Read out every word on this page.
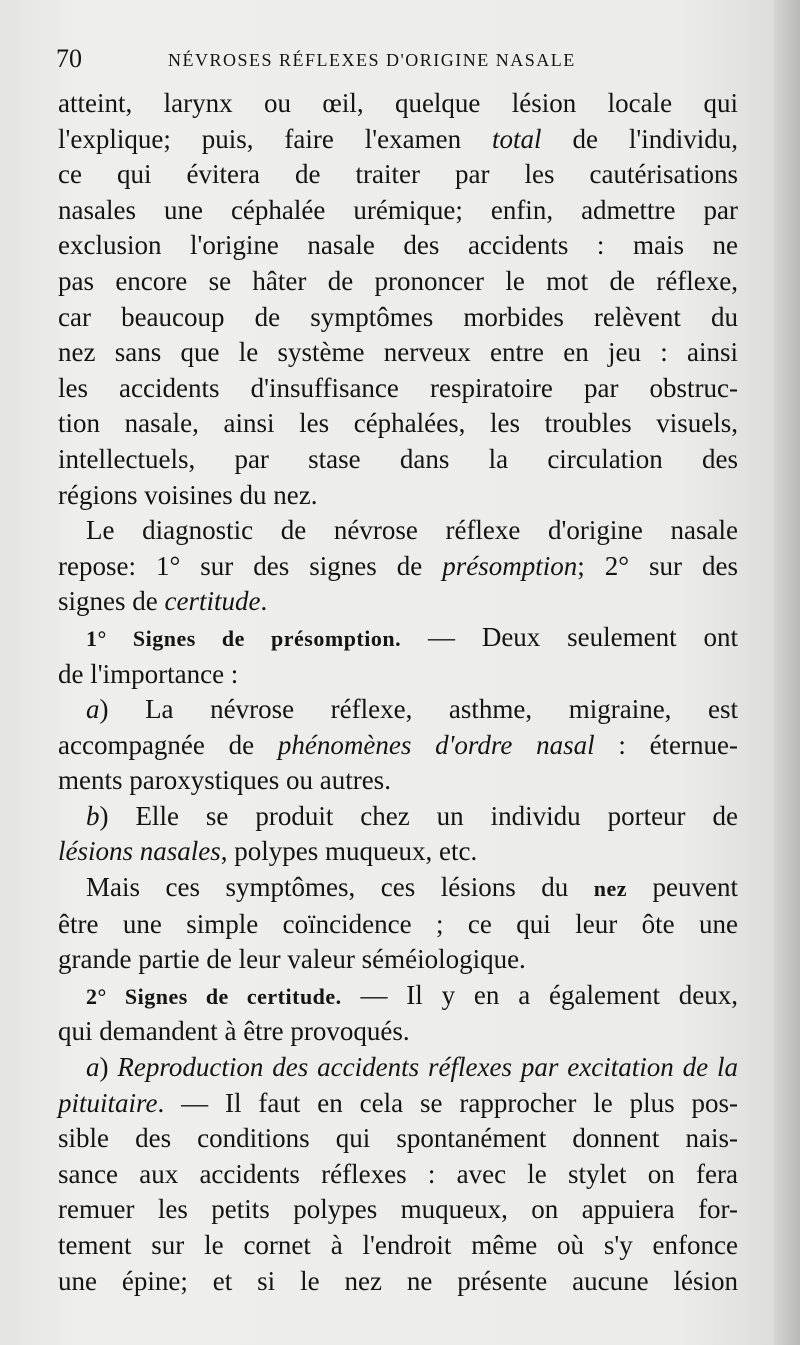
70	NÉVROSES RÉFLEXES D'ORIGINE NASALE
atteint, larynx ou œil, quelque lésion locale qui
l'explique; puis, faire l'examen total de l'individu,
ce qui évitera de traiter par les cautérisations
nasales une céphalée urémique; enfin, admettre par
exclusion l'origine nasale des accidents : mais ne
pas encore se hâter de prononcer le mot de réflexe,
car beaucoup de symptômes morbides relèvent du
nez sans que le système nerveux entre en jeu : ainsi
les accidents d'insuffisance respiratoire par obstruc-
tion nasale, ainsi les céphalées, les troubles visuels,
intellectuels, par stase dans la circulation des
régions voisines du nez.
Le diagnostic de névrose réflexe d'origine nasale
repose: 1° sur des signes de présomption; 2° sur des
signes de certitude.
1° Signes de présomption. — Deux seulement ont
de l'importance :
a) La névrose réflexe, asthme, migraine, est
accompagnée de phénomènes d'ordre nasal : éternue-
ments paroxystiques ou autres.
b) Elle se produit chez un individu porteur de
lésions nasales, polypes muqueux, etc.
Mais ces symptômes, ces lésions du nez peuvent
être une simple coïncidence ; ce qui leur ôte une
grande partie de leur valeur séméiologique.
2° Signes de certitude. — Il y en a également deux,
qui demandent à être provoqués.
a) Reproduction des accidents réflexes par excitation de la
pituitaire. — Il faut en cela se rapprocher le plus pos-
sible des conditions qui spontanément donnent nais-
sance aux accidents réflexes : avec le stylet on fera
remuer les petits polypes muqueux, on appuiera for-
tement sur le cornet à l'endroit même où s'y enfonce
une épine; et si le nez ne présente aucune lésion
